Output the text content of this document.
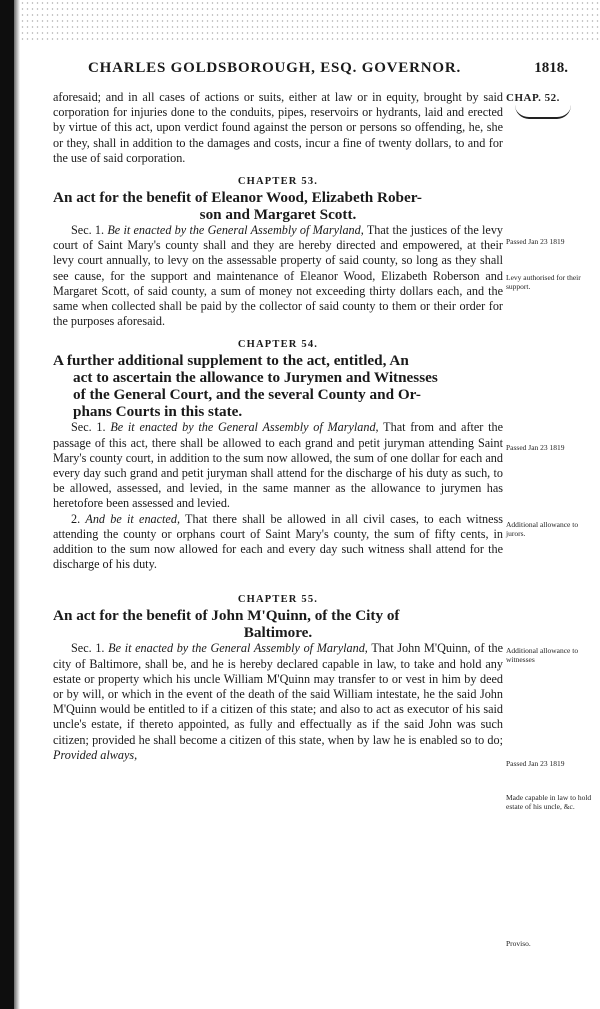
CHARLES GOLDSBOROUGH, ESQ. GOVERNOR.	1818.
CHAP. 52.
Passed Jan 23 1819
Levy authorised for their support.
Passed Jan 23 1819
Additional allowance to jurors.
Additional allowance to witnesses
Passed Jan 23 1819
Made capable in law to hold estate of his uncle, &c.
Proviso.

aforesaid; and in all cases of actions or suits, either at law or in equity, brought by said corporation for injuries done to the conduits, pipes, reservoirs or hydrants, laid and erected by virtue of this act, upon verdict found against the person or persons so offending, he, she or they, shall in addition to the damages and costs, incur a fine of twenty dollars, to and for the use of said corporation.

CHAPTER 53.
An act for the benefit of Eleanor Wood, Elizabeth Rober-
son and Margaret Scott.

Sec. 1. Be it enacted by the General Assembly of Maryland, That the justices of the levy court of Saint Mary's county shall and they are hereby directed and empowered, at their levy court annually, to levy on the assessable property of said county, so long as they shall see cause, for the support and maintenance of Eleanor Wood, Elizabeth Roberson and Margaret Scott, of said county, a sum of money not exceeding thirty dollars each, and the same when collected shall be paid by the collector of said county to them or their order for the purposes aforesaid.

CHAPTER 54.
A further additional supplement to the act, entitled, An
act to ascertain the allowance to Jurymen and Witnesses
of the General Court, and the several County and Or-
phans Courts in this state.

Sec. 1. Be it enacted by the General Assembly of Maryland, That from and after the passage of this act, there shall be allowed to each grand and petit juryman attending Saint Mary's county court, in addition to the sum now allowed, the sum of one dollar for each and every day such grand and petit juryman shall attend for the discharge of his duty as such, to be allowed, assessed, and levied, in the same manner as the allowance to jurymen has heretofore been assessed and levied.

2. And be it enacted, That there shall be allowed in all civil cases, to each witness attending the county or orphans court of Saint Mary's county, the sum of fifty cents, in addition to the sum now allowed for each and every day such witness shall attend for the discharge of his duty.

CHAPTER 55.
An act for the benefit of John M'Quinn, of the City of
Baltimore.

Sec. 1. Be it enacted by the General Assembly of Maryland, That John M'Quinn, of the city of Baltimore, shall be, and he is hereby declared capable in law, to take and hold any estate or property which his uncle William M'Quinn may transfer to or vest in him by deed or by will, or which in the event of the death of the said William intestate, he the said John M'Quinn would be entitled to if a citizen of this state; and also to act as executor of his said uncle's estate, if thereto appointed, as fully and effectually as if the said John was such citizen; provided he shall become a citizen of this state, when by law he is enabled so to do; Provided always,
